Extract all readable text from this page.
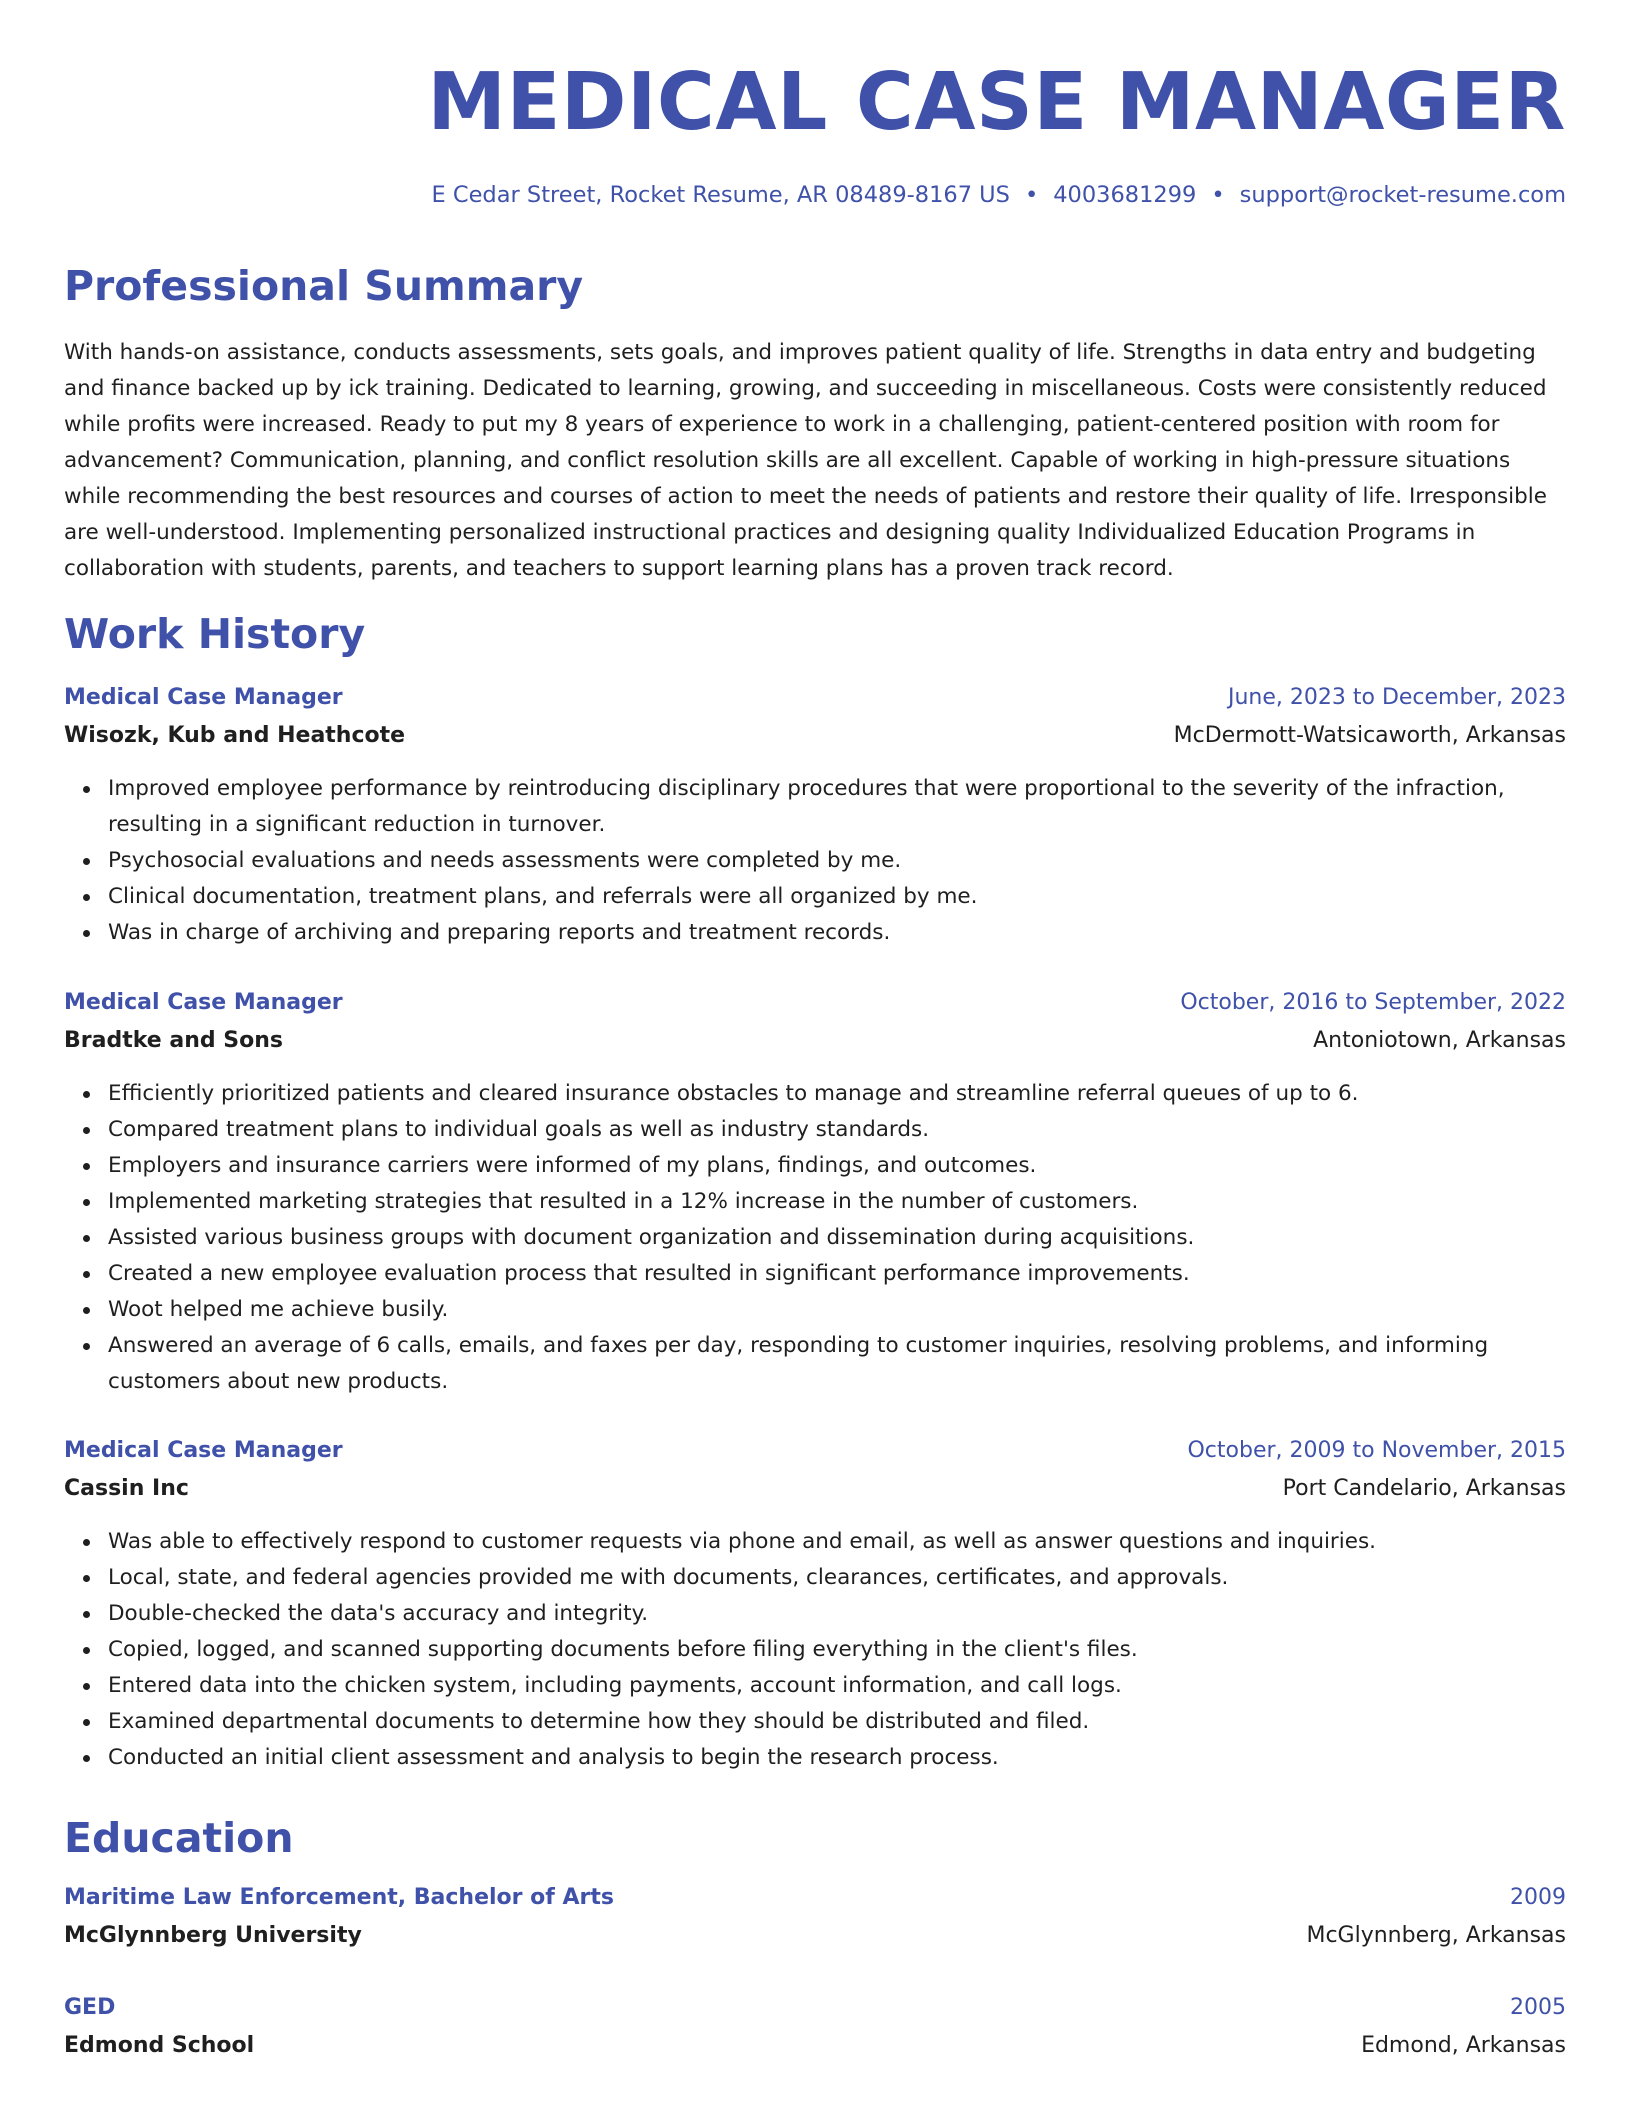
MEDICAL CASE MANAGER
E Cedar Street, Rocket Resume, AR 08489-8167 US • 4003681299 • support@rocket-resume.com
Professional Summary

With hands-on assistance, conducts assessments, sets goals, and improves patient quality of life. Strengths in data entry and budgeting and finance backed up by ick training. Dedicated to learning, growing, and succeeding in miscellaneous. Costs were consistently reduced while profits were increased. Ready to put my 8 years of experience to work in a challenging, patient-centered position with room for advancement? Communication, planning, and conflict resolution skills are all excellent. Capable of working in high-pressure situations while recommending the best resources and courses of action to meet the needs of patients and restore their quality of life. Irresponsible are well-understood. Implementing personalized instructional practices and designing quality Individualized Education Programs in collaboration with students, parents, and teachers to support learning plans has a proven track record.

Work History
Medical Case Manager	June, 2023 to December, 2023
Wisozk, Kub and Heathcote	McDermott-Watsicaworth, Arkansas
Improved employee performance by reintroducing disciplinary procedures that were proportional to the severity of the infraction, resulting in a significant reduction in turnover.
Psychosocial evaluations and needs assessments were completed by me.
Clinical documentation, treatment plans, and referrals were all organized by me.
Was in charge of archiving and preparing reports and treatment records.
Medical Case Manager	October, 2016 to September, 2022
Bradtke and Sons	Antoniotown, Arkansas
Efficiently prioritized patients and cleared insurance obstacles to manage and streamline referral queues of up to 6.
Compared treatment plans to individual goals as well as industry standards.
Employers and insurance carriers were informed of my plans, findings, and outcomes.
Implemented marketing strategies that resulted in a 12% increase in the number of customers.
Assisted various business groups with document organization and dissemination during acquisitions.
Created a new employee evaluation process that resulted in significant performance improvements.
Woot helped me achieve busily.
Answered an average of 6 calls, emails, and faxes per day, responding to customer inquiries, resolving problems, and informing customers about new products.
Medical Case Manager	October, 2009 to November, 2015
Cassin Inc	Port Candelario, Arkansas
Was able to effectively respond to customer requests via phone and email, as well as answer questions and inquiries.
Local, state, and federal agencies provided me with documents, clearances, certificates, and approvals.
Double-checked the data's accuracy and integrity.
Copied, logged, and scanned supporting documents before filing everything in the client's files.
Entered data into the chicken system, including payments, account information, and call logs.
Examined departmental documents to determine how they should be distributed and filed.
Conducted an initial client assessment and analysis to begin the research process.
Education
Maritime Law Enforcement, Bachelor of Arts	2009
McGlynnberg University	McGlynnberg, Arkansas
GED	2005
Edmond School	Edmond, Arkansas
